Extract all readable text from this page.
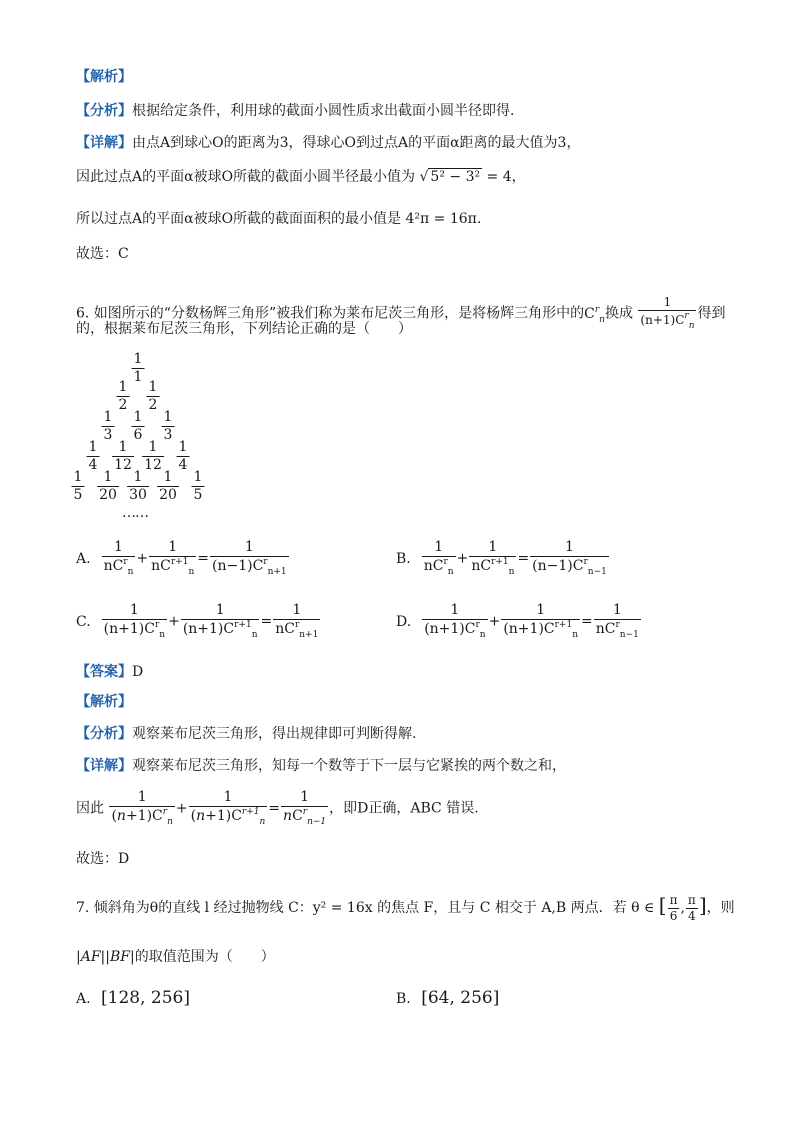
【解析】
【分析】根据给定条件，利用球的截面小圆性质求出截面小圆半径即得.
【详解】由点A到球心O的距离为3，得球心O到过点A的平面α距离的最大值为3，
因此过点A的平面α被球O所截的截面小圆半径最小值为 √ 5² − 3² = 4，
所以过点A的平面α被球O所截的截面面积的最小值是 4²π = 16π.
故选：C
6. 如图所示的“分数杨辉三角形”被我们称为莱布尼茨三角形，是将杨辉三角形中的$C^r_n$换成 $\frac{1}{(n+1)C^r_n}$ 得到
的，根据莱布尼茨三角形，下列结论正确的是（　　）
$\frac{1}{1}$
$\frac{1}{2} \frac{1}{2}$
$\frac{1}{3} \frac{1}{6} \frac{1}{3}$
$\frac{1}{4} \frac{1}{12} \frac{1}{12} \frac{1}{4}$
$\frac{1}{5} \frac{1}{20} \frac{1}{30} \frac{1}{20} \frac{1}{5}$
……
A. $\frac{1}{nC^r_n} + \frac{1}{nC^{r+1}_n} = \frac{1}{(n-1)C^r_{n+1}}$	B. $\frac{1}{nC^r_n} + \frac{1}{nC^{r+1}_n} = \frac{1}{(n-1)C^r_{n-1}}$
C. $\frac{1}{(n+1)C^r_n} + \frac{1}{(n+1)C^{r+1}_n} = \frac{1}{nC^r_{n+1}}$	D. $\frac{1}{(n+1)C^r_n} + \frac{1}{(n+1)C^{r+1}_n} = \frac{1}{nC^r_{n-1}}$
【答案】D
【解析】
【分析】观察莱布尼茨三角形，得出规律即可判断得解.
【详解】观察莱布尼茨三角形，知每一个数等于下一层与它紧挨的两个数之和，
因此 $\frac{1}{(n+1)C^r_n} + \frac{1}{(n+1)C^{r+1}_n} = \frac{1}{nC^r_{n-1}}$ ，即D正确，ABC 错误.
故选：D
7. 倾斜角为θ的直线 l 经过抛物线 C：y² = 16x 的焦点 F，且与 C 相交于 A,B 两点．若 θ ∈ [ $\frac{\pi}{6}$ , $\frac{\pi}{4}$ ]，则
|AF||BF|的取值范围为（　　）
A. [128, 256]	B. [64, 256]
